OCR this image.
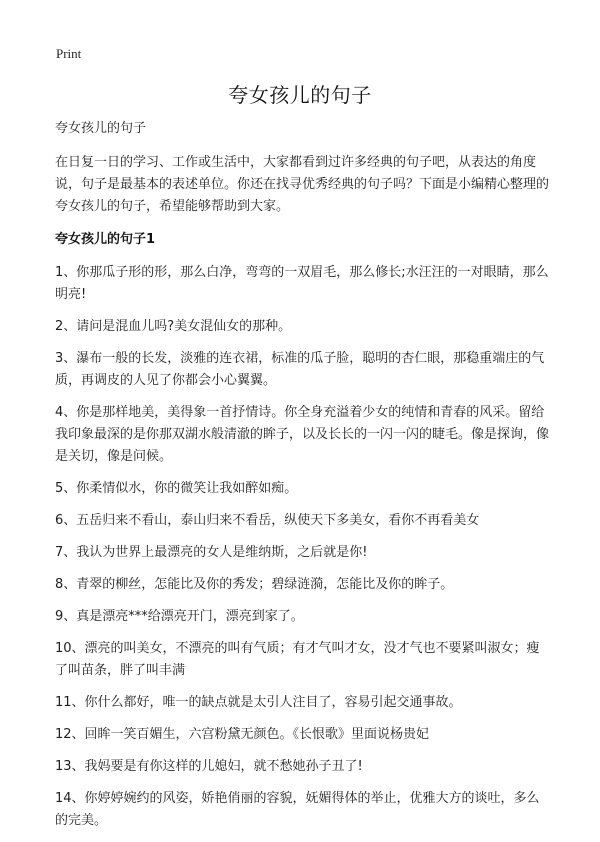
Print
夸女孩儿的句子

夸女孩儿的句子

在日复一日的学习、工作或生活中，大家都看到过许多经典的句子吧，从表达的角度说，句子是最基本的表述单位。你还在找寻优秀经典的句子吗？下面是小编精心整理的夸女孩儿的句子，希望能够帮助到大家。

夸女孩儿的句子1

1、你那瓜子形的形，那么白净，弯弯的一双眉毛，那么修长;水汪汪的一对眼睛，那么明亮!

2、请问是混血儿吗?美女混仙女的那种。

3、瀑布一般的长发，淡雅的连衣裙，标准的瓜子脸，聪明的杏仁眼，那稳重端庄的气质，再调皮的人见了你都会小心翼翼。

4、你是那样地美，美得象一首抒情诗。你全身充溢着少女的纯情和青春的风采。留给我印象最深的是你那双湖水般清澈的眸子，以及长长的一闪一闪的睫毛。像是探询，像是关切，像是问候。

5、你柔情似水，你的微笑让我如醉如痴。

6、五岳归来不看山，泰山归来不看岳，纵使天下多美女，看你不再看美女

7、我认为世界上最漂亮的女人是维纳斯，之后就是你!

8、青翠的柳丝，怎能比及你的秀发；碧绿涟漪，怎能比及你的眸子。

9、真是漂亮***给漂亮开门，漂亮到家了。

10、漂亮的叫美女，不漂亮的叫有气质；有才气叫才女，没才气也不要紧叫淑女；瘦了叫苗条，胖了叫丰满

11、你什么都好，唯一的缺点就是太引人注目了，容易引起交通事故。

12、回眸一笑百媚生，六宫粉黛无颜色。《长恨歌》里面说杨贵妃

13、我妈要是有你这样的儿媳妇，就不愁她孙子丑了!

14、你婷婷婉约的风姿，娇艳俏丽的容貌，妩媚得体的举止，优雅大方的谈吐，多么的完美。
